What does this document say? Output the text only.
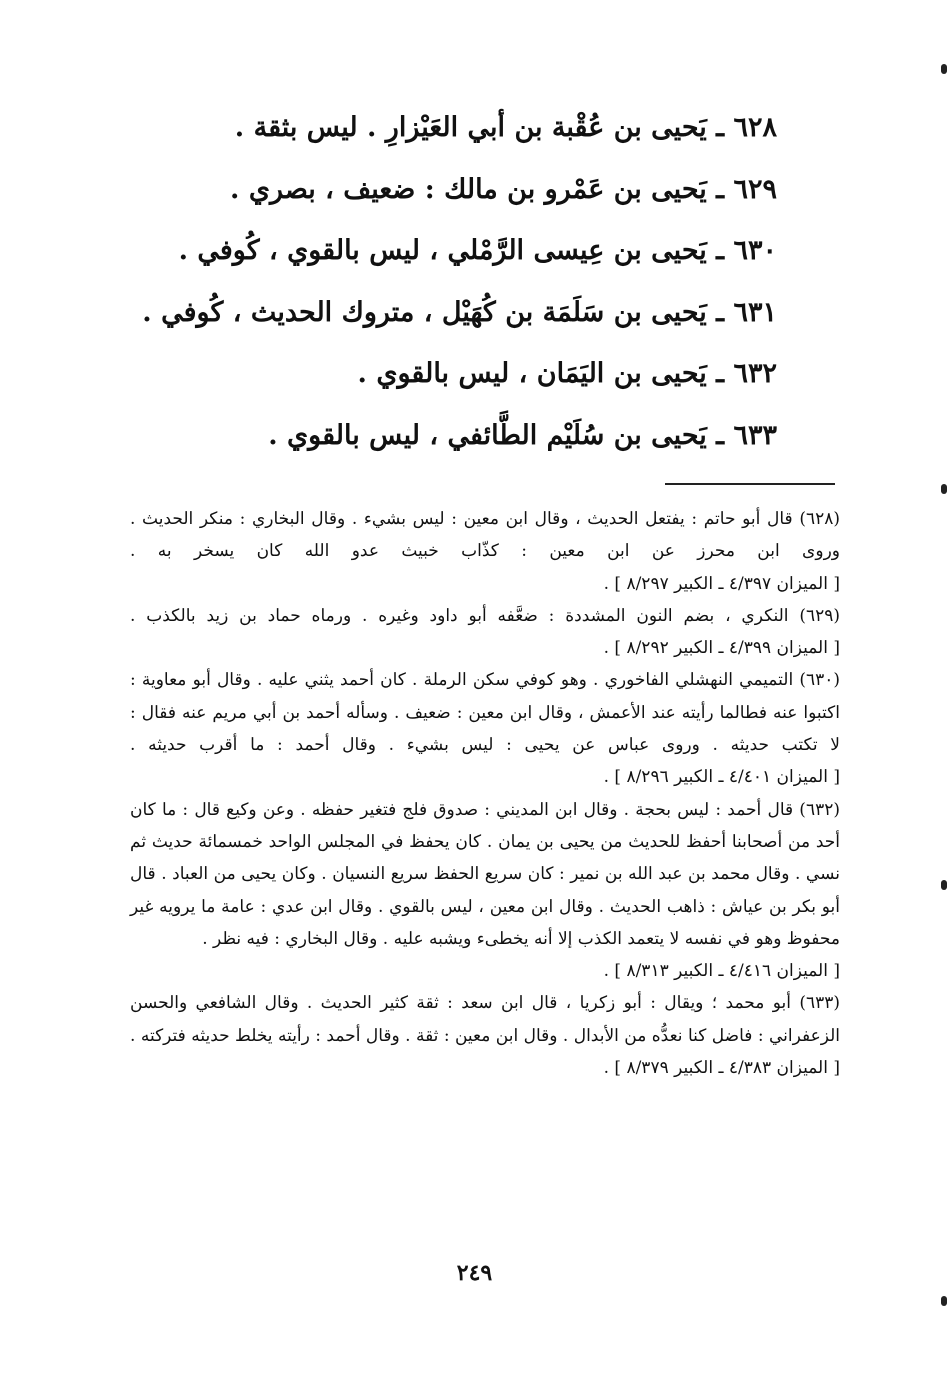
٦٢٨ ـ يَحيى بن عُقْبة بن أبي العَيْزارِ . ليس بثقة .
٦٢٩ ـ يَحيى بن عَمْرو بن مالك : ضعيف ، بصري .
٦٣٠ ـ يَحيى بن عِيسى الرَّمْلي ، ليس بالقوي ، كُوفي .
٦٣١ ـ يَحيى بن سَلَمَة بن كُهَيْل ، متروك الحديث ، كُوفي .
٦٣٢ ـ يَحيى بن اليَمَان ، ليس بالقوي .
٦٣٣ ـ يَحيى بن سُلَيْم الطَّائفي ، ليس بالقوي .

(٦٢٨) قال أبو حاتم : يفتعل الحديث ، وقال ابن معين : ليس بشيء . وقال البخاري : منكر الحديث . وروى ابن محرز عن ابن معين : كذّاب خبيث عدو الله كان يسخر به . [ الميزان ٤/٣٩٧ ـ الكبير ٨/٢٩٧ ] .

(٦٢٩) النكري ، بضم النون المشددة : ضعَّفه أبو داود وغيره . ورماه حماد بن زيد بالكذب . [ الميزان ٤/٣٩٩ ـ الكبير ٨/٢٩٢ ] .

(٦٣٠) التميمي النهشلي الفاخوري . وهو كوفي سكن الرملة . كان أحمد يثني عليه . وقال أبو معاوية : اكتبوا عنه فطالما رأيته عند الأعمش ، وقال ابن معين : ضعيف . وسأله أحمد بن أبي مريم عنه فقال : لا تكتب حديثه . وروى عباس عن يحيى : ليس بشيء . وقال أحمد : ما أقرب حديثه . [ الميزان ٤/٤٠١ ـ الكبير ٨/٢٩٦ ] .

(٦٣٢) قال أحمد : ليس بحجة . وقال ابن المديني : صدوق فلج فتغير حفظه . وعن وكيع قال : ما كان أحد من أصحابنا أحفظ للحديث من يحيى بن يمان . كان يحفظ في المجلس الواحد خمسمائة حديث ثم نسي . وقال محمد بن عبد الله بن نمير : كان سريع الحفظ سريع النسيان . وكان يحيى من العباد . قال أبو بكر بن عياش : ذاهب الحديث . وقال ابن معين ، ليس بالقوي . وقال ابن عدي : عامة ما يرويه غير محفوظ وهو في نفسه لا يتعمد الكذب إلا أنه يخطىء ويشبه عليه . وقال البخاري : فيه نظر .
[ الميزان ٤/٤١٦ ـ الكبير ٨/٣١٣ ] .

(٦٣٣) أبو محمد ؛ ويقال : أبو زكريا ، قال ابن سعد : ثقة كثير الحديث . وقال الشافعي والحسن الزعفراني : فاضل كنا نعدُّه من الأبدال . وقال ابن معين : ثقة . وقال أحمد : رأيته يخلط حديثه فتركته . [ الميزان ٤/٣٨٣ ـ الكبير ٨/٣٧٩ ] .

٢٤٩
